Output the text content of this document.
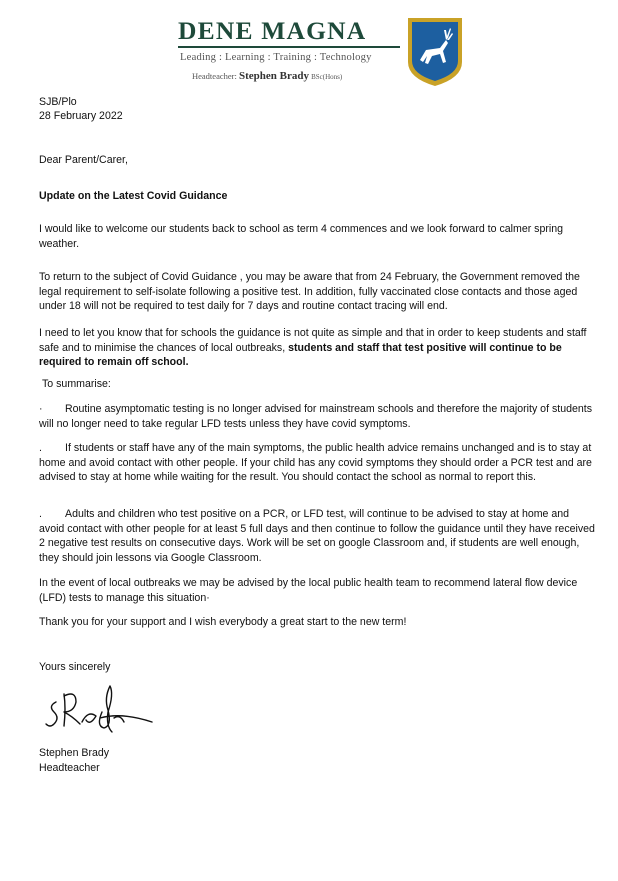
DENE MAGNA
Leading : Learning : Training : Technology
Headteacher: Stephen Brady BSc(Hons)
SJB/Plo
28 February 2022
Dear Parent/Carer,
Update on the Latest Covid Guidance
I would like to welcome our students back to school as term 4 commences and we look forward to calmer spring weather.
To return to the subject of Covid Guidance , you may be aware that from 24 February, the Government removed the legal requirement to self-isolate following a positive test. In addition, fully vaccinated close contacts and those aged under 18 will not be required to test daily for 7 days and routine contact tracing will end.
I need to let you know that for schools the guidance is not quite as simple and that in order to keep students and staff safe and to minimise the chances of local outbreaks, students and staff that test positive will continue to be required to remain off school.
To summarise:
· Routine asymptomatic testing is no longer advised for mainstream schools and therefore the majority of students will no longer need to take regular LFD tests unless they have covid symptoms.
. If students or staff have any of the main symptoms, the public health advice remains unchanged and is to stay at home and avoid contact with other people. If your child has any covid symptoms they should order a PCR test and are advised to stay at home while waiting for the result. You should contact the school as normal to report this.
. Adults and children who test positive on a PCR, or LFD test, will continue to be advised to stay at home and avoid contact with other people for at least 5 full days and then continue to follow the guidance until they have received 2 negative test results on consecutive days. Work will be set on google Classroom and, if students are well enough, they should join lessons via Google Classroom.
In the event of local outbreaks we may be advised by the local public health team to recommend lateral flow device (LFD) tests to manage this situation·
Thank you for your support and I wish everybody a great start to the new term!
Yours sincerely
Stephen Brady
Headteacher
